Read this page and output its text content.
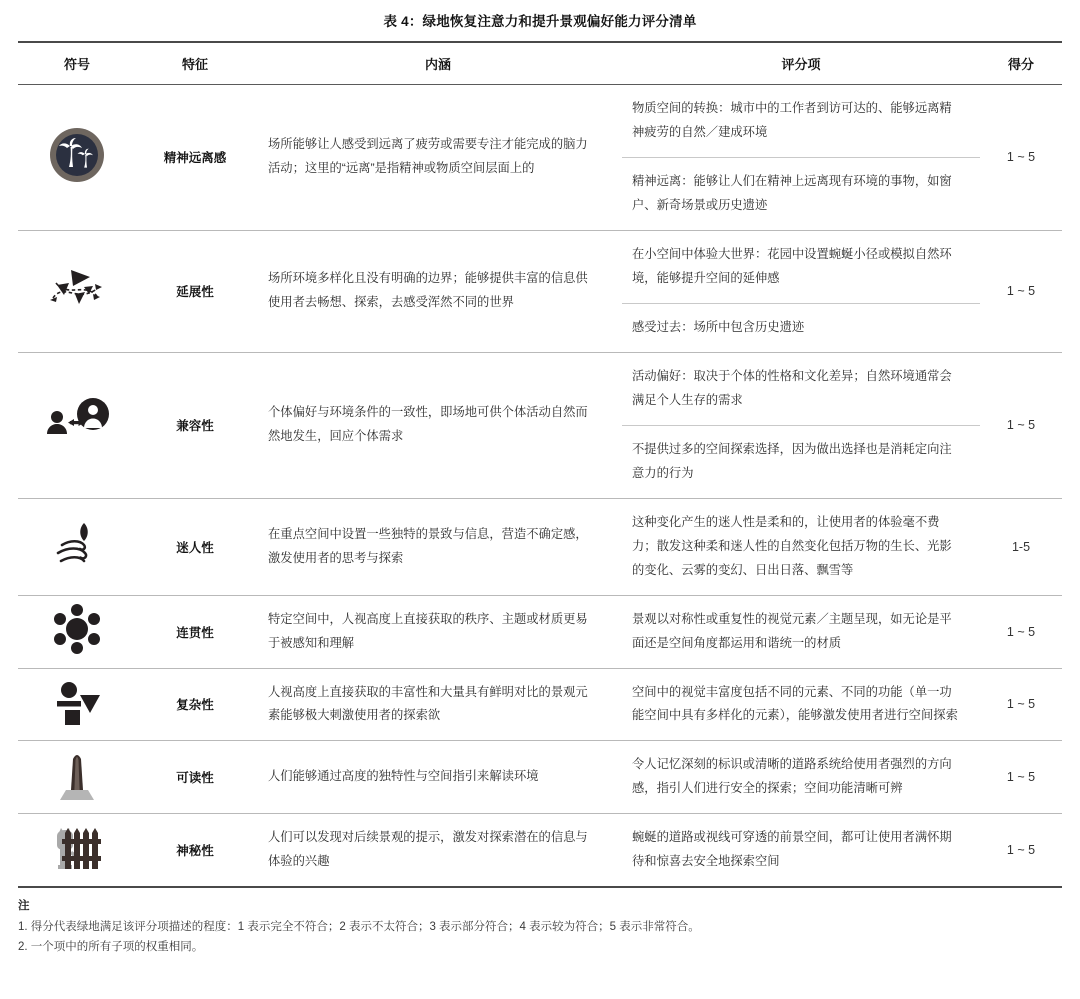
表 4：绿地恢复注意力和提升景观偏好能力评分清单
符号	特征	内涵	评分项	得分

	精神远离感	场所能够让人感受到远离了疲劳或需要专注才能完成的脑力活动；这里的“远离”是指精神或物质空间层面上的	物质空间的转换：城市中的工作者到访可达的、能够远离精神疲劳的自然／建成环境
精神远离：能够让人们在精神上远离现有环境的事物，如窗户、新奇场景或历史遗迹	1 ~ 5

	延展性	场所环境多样化且没有明确的边界；能够提供丰富的信息供使用者去畅想、探索，去感受浑然不同的世界	在小空间中体验大世界：花园中设置蜿蜒小径或模拟自然环境，能够提升空间的延伸感
感受过去：场所中包含历史遗迹	1 ~ 5

	兼容性	个体偏好与环境条件的一致性，即场地可供个体活动自然而然地发生，回应个体需求	活动偏好：取决于个体的性格和文化差异；自然环境通常会满足个人生存的需求
不提供过多的空间探索选择，因为做出选择也是消耗定向注意力的行为	1 ~ 5

	迷人性	在重点空间中设置一些独特的景致与信息，营造不确定感，激发使用者的思考与探索	这种变化产生的迷人性是柔和的，让使用者的体验毫不费力；散发这种柔和迷人性的自然变化包括万物的生长、光影的变化、云雾的变幻、日出日落、飘雪等	1-5

	连贯性	特定空间中，人视高度上直接获取的秩序、主题或材质更易于被感知和理解	景观以对称性或重复性的视觉元素／主题呈现，如无论是平面还是空间角度都运用和谐统一的材质	1 ~ 5

	复杂性	人视高度上直接获取的丰富性和大量具有鲜明对比的景观元素能够极大刺激使用者的探索欲	空间中的视觉丰富度包括不同的元素、不同的功能（单一功能空间中具有多样化的元素），能够激发使用者进行空间探索	1 ~ 5

	可读性	人们能够通过高度的独特性与空间指引来解读环境	令人记忆深刻的标识或清晰的道路系统给使用者强烈的方向感，指引人们进行安全的探索；空间功能清晰可辨	1 ~ 5

	神秘性	人们可以发现对后续景观的提示，激发对探索潜在的信息与体验的兴趣	蜿蜒的道路或视线可穿透的前景空间，都可让使用者满怀期待和惊喜去安全地探索空间	1 ~ 5
注
1. 得分代表绿地满足该评分项描述的程度：1 表示完全不符合；2 表示不太符合；3 表示部分符合；4 表示较为符合；5 表示非常符合。
2. 一个项中的所有子项的权重相同。
